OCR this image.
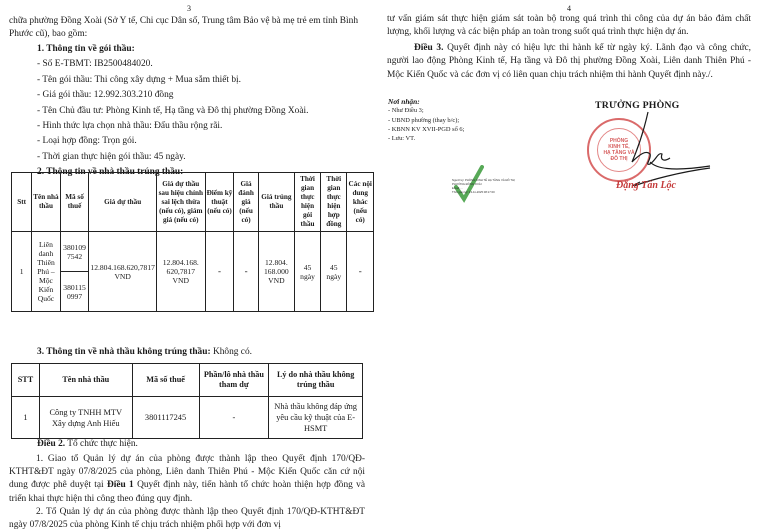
3
chữa phường Đồng Xoài (Sở Y tế, Chi cục Dân số, Trung tâm Bảo vệ bà mẹ trẻ em tỉnh Bình Phước cũ), bao gồm:
1. Thông tin về gói thầu:
- Số E-TBMT: IB2500484020.
- Tên gói thầu: Thi công xây dựng + Mua sắm thiết bị.
- Giá gói thầu: 12.992.303.210 đồng
- Tên Chủ đầu tư: Phòng Kinh tế, Hạ tầng và Đô thị phường Đồng Xoài.
- Hình thức lựa chọn nhà thầu: Đấu thầu rộng rãi.
- Loại hợp đồng: Trọn gói.
- Thời gian thực hiện gói thầu: 45 ngày.
2. Thông tin về nhà thầu trúng thầu:
Stt	Tên nhà thầu	Mã số thuế	Giá dự thầu	Giá dự thầu sau hiệu chỉnh sai lệch thừa (nếu có), giảm giá (nếu có)	Điểm kỹ thuật (nếu có)	Giá đánh giá (nếu có)	Giá trúng thầu	Thời gian thực hiện gói thầu	Thời gian thực hiện hợp đồng	Các nội dung khác (nếu có)
1	Liên danh Thiên Phú – Mộc Kiến Quốc	380109 7542	12.804.168.620,7817 VND	12.804.168. 620,7817 VND	-	-	12.804. 168.000 VND	45 ngày	45 ngày	-
		380115 0997								
3. Thông tin về nhà thầu không trúng thầu: Không có.
STT	Tên nhà thầu	Mã số thuế	Phần/lô nhà thầu tham dự	Lý do nhà thầu không trúng thầu
1	Công ty TNHH MTV Xây dựng Anh Hiếu	3801117245	-	Nhà thầu không đáp ứng yêu cầu kỹ thuật của E-HSMT
Điều 2. Tổ chức thực hiện.
1. Giao tổ Quản lý dự án của phòng được thành lập theo Quyết định 170/QĐ-KTHT&ĐT ngày 07/8/2025 của phòng, Liên danh Thiên Phú - Mộc Kiến Quốc căn cứ nội dung được phê duyệt tại Điều 1 Quyết định này, tiến hành tổ chức hoàn thiện hợp đồng và triển khai thực hiện thi công theo đúng quy định.
2. Tổ Quản lý dự án của phòng được thành lập theo Quyết định 170/QĐ-KTHT&ĐT ngày 07/8/2025 của phòng Kinh tế chịu trách nhiệm phối hợp với đơn vị
4
tư vấn giám sát thực hiện giám sát toàn bộ trong quá trình thi công của dự án bảo đảm chất lượng, khối lượng và các biện pháp an toàn trong suốt quá trình thực hiện dự án.
Điều 3. Quyết định này có hiệu lực thi hành kể từ ngày ký. Lãnh đạo và công chức, người lao động Phòng Kinh tế, Hạ tầng và Đô thị phường Đồng Xoài, Liên danh Thiên Phú - Mộc Kiến Quốc và các đơn vị có liên quan chịu trách nhiệm thi hành Quyết định này./.
Nơi nhận:
- Như Điều 3;
- UBND phường (thay b/c);
- KBNN KV XVII-PGD số 6;
- Lưu: VT.
Người ký: PHÒNG KINH TẾ HẠ TẦNG VÀ ĐÔ THỊ
PHƯỜNG ĐỒNG XOÀI
Email: ...
Thời gian ký: 13-11-2025 08:17:00
TRƯỞNG PHÒNG
PHÒNG
KINH TẾ,
HẠ TẦNG VÀ
ĐÔ THỊ
Đặng Tấn Lộc
